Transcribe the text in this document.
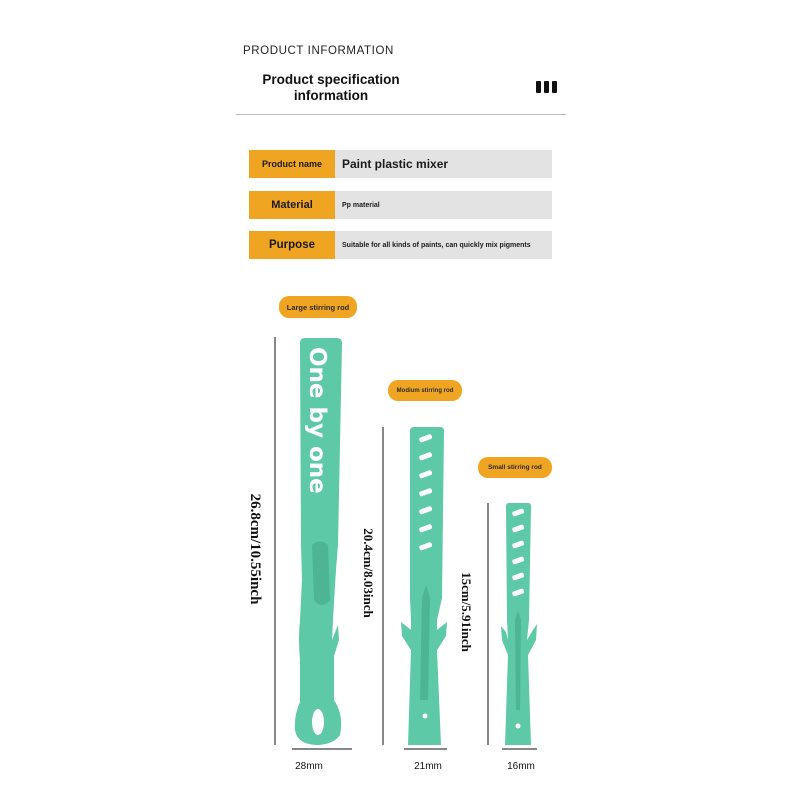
PRODUCT INFORMATION
Product specification
information
Product name	Paint plastic mixer
Material	Pp material
Purpose	Suitable for all kinds of paints, can quickly mix pigments
One by one
Large stirring rod
Modium stirring rod
Small stirring rod
26.8cm/10.55inch	20.4cm/8.03inch	15cm/5.91inch
28mm	21mm	16mm
